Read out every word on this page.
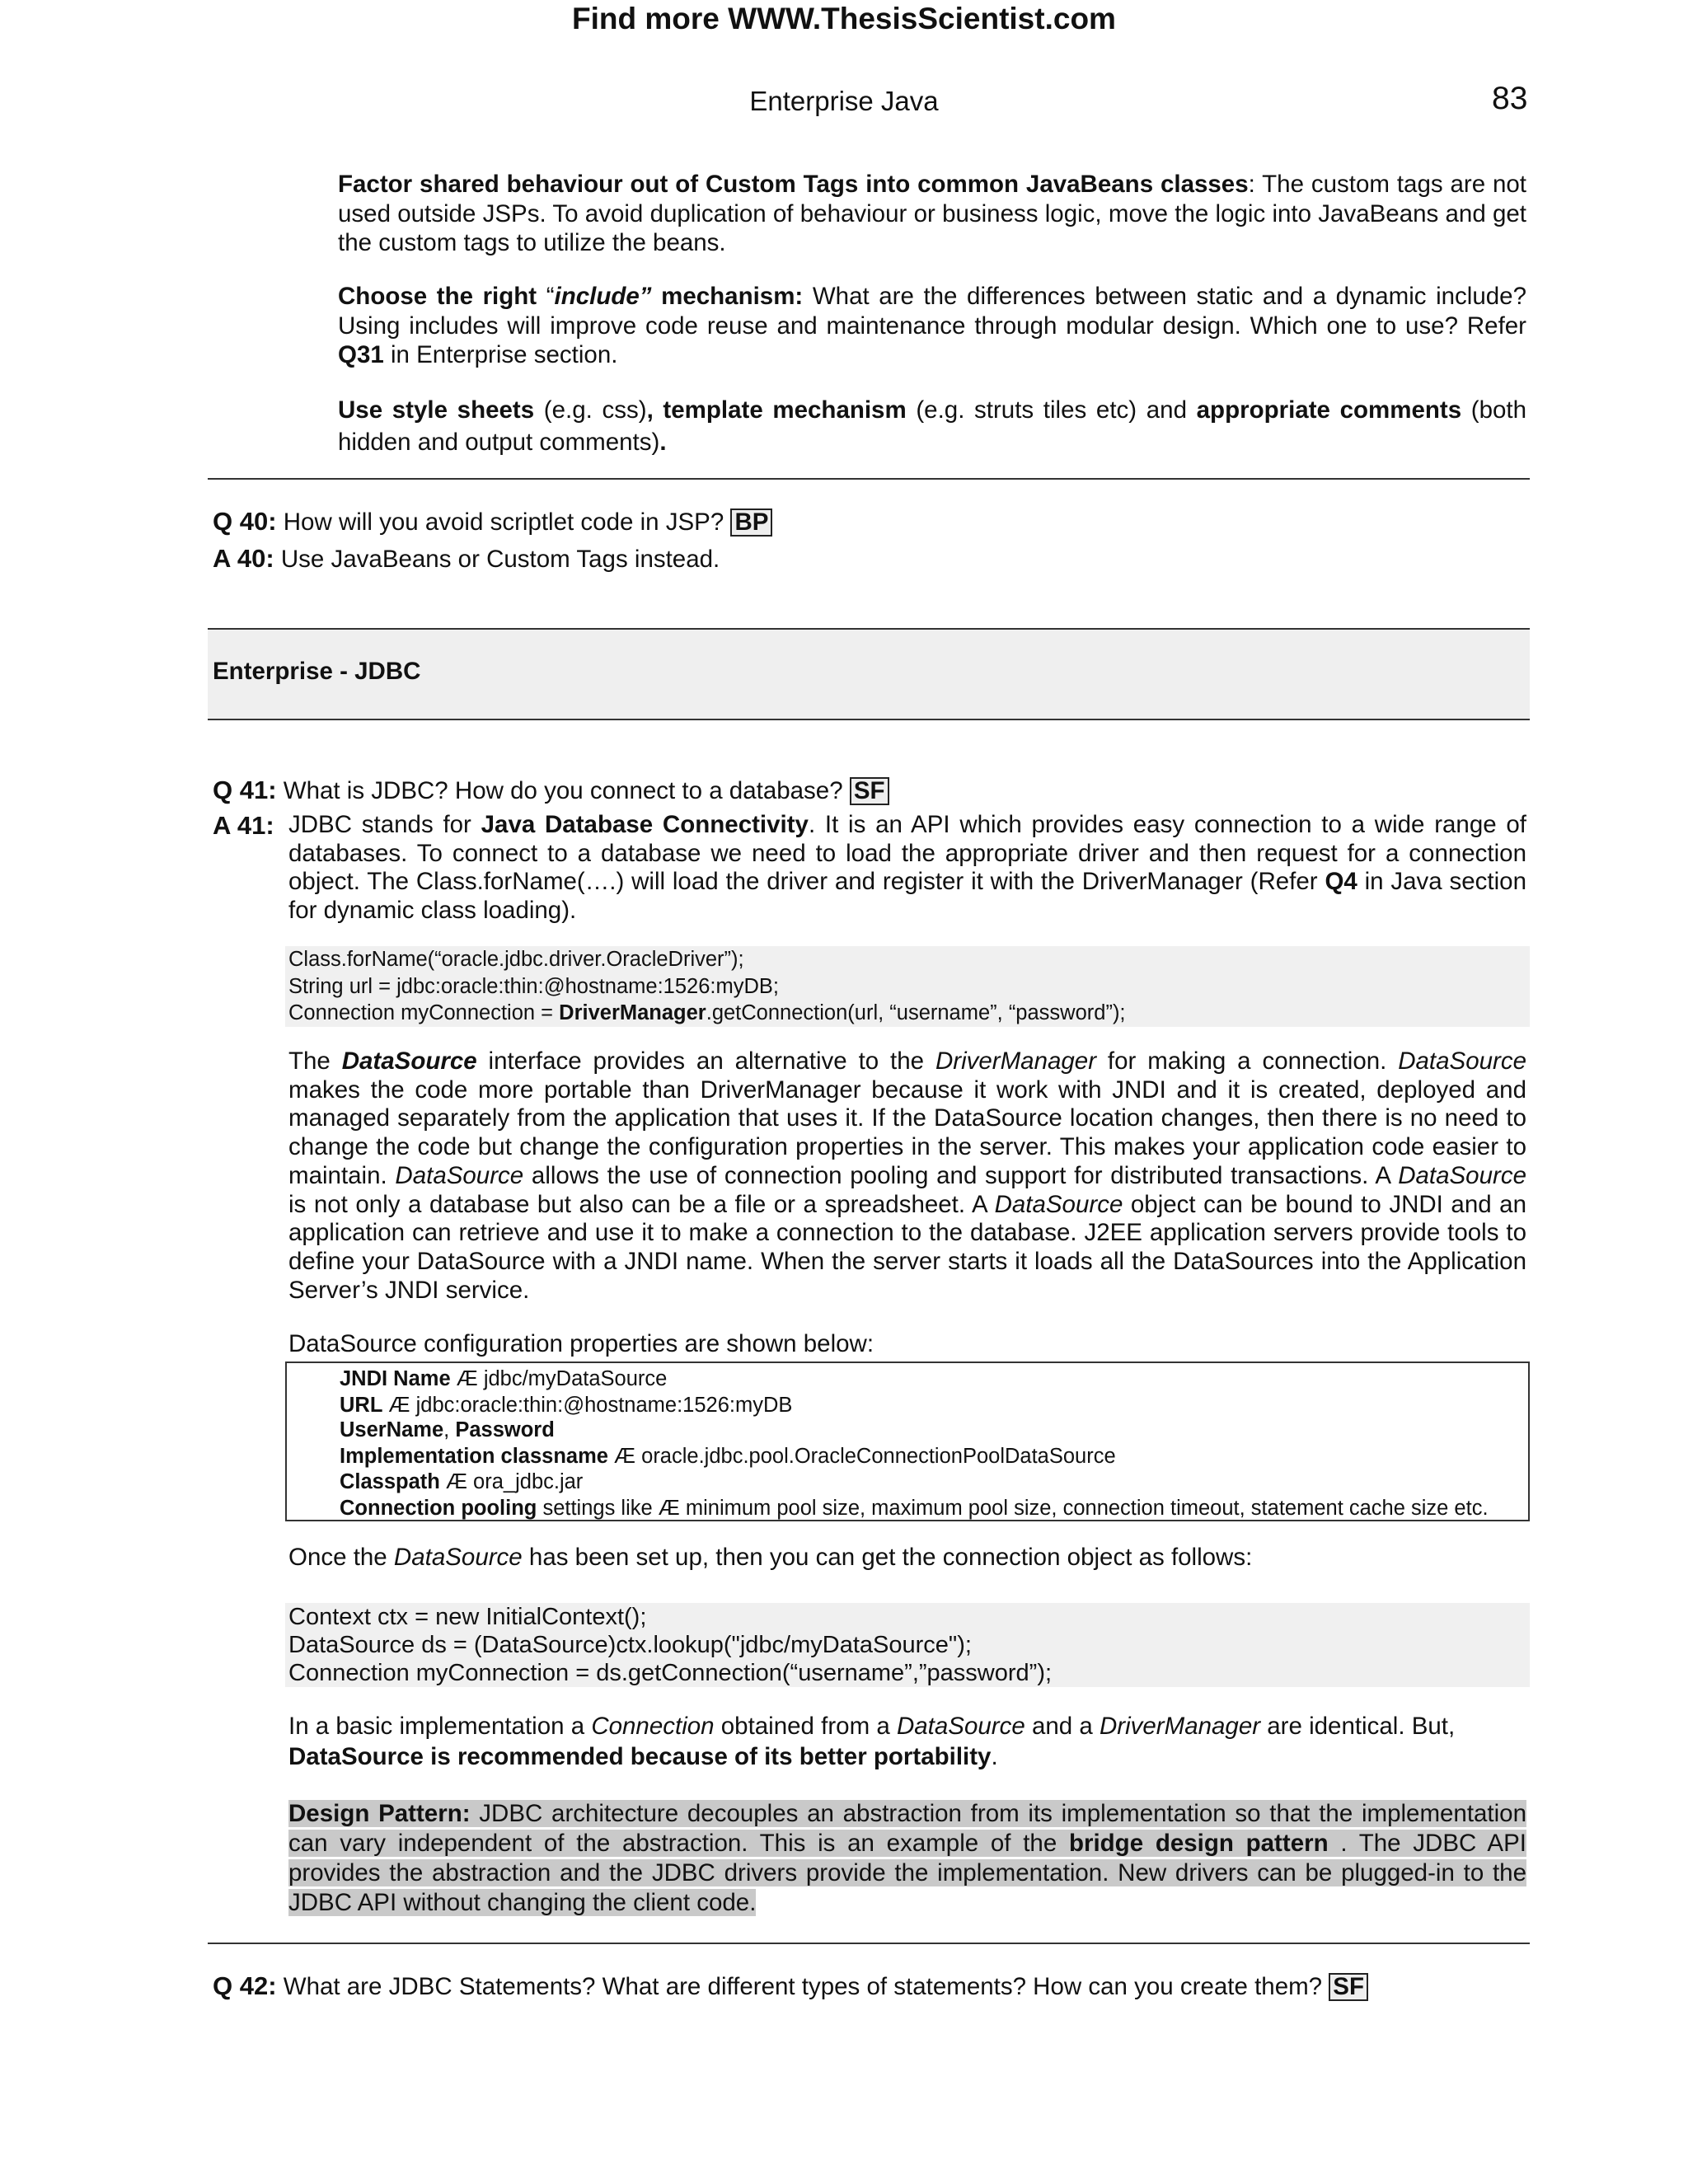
Find more WWW.ThesisScientist.com
Enterprise Java	83
Factor shared behaviour out of Custom Tags into common JavaBeans classes: The custom tags are not used outside JSPs. To avoid duplication of behaviour or business logic, move the logic into JavaBeans and get the custom tags to utilize the beans.
Choose the right “include” mechanism: What are the differences between static and a dynamic include? Using includes will improve code reuse and maintenance through modular design. Which one to use? Refer Q31 in Enterprise section.
Use style sheets (e.g. css), template mechanism (e.g. struts tiles etc) and appropriate comments (both hidden and output comments).
Q 40: How will you avoid scriptlet code in JSP? BP
A 40: Use JavaBeans or Custom Tags instead.
Enterprise - JDBC
Q 41: What is JDBC? How do you connect to a database? SF
A 41: JDBC stands for Java Database Connectivity. It is an API which provides easy connection to a wide range of databases. To connect to a database we need to load the appropriate driver and then request for a connection object. The Class.forName(….) will load the driver and register it with the DriverManager (Refer Q4 in Java section for dynamic class loading).
Class.forName(“oracle.jdbc.driver.OracleDriver”);
String url = jdbc:oracle:thin:@hostname:1526:myDB;
Connection myConnection = DriverManager.getConnection(url, “username”, “password”);
The DataSource interface provides an alternative to the DriverManager for making a connection. DataSource makes the code more portable than DriverManager because it work with JNDI and it is created, deployed and managed separately from the application that uses it. If the DataSource location changes, then there is no need to change the code but change the configuration properties in the server. This makes your application code easier to maintain. DataSource allows the use of connection pooling and support for distributed transactions. A DataSource is not only a database but also can be a file or a spreadsheet. A DataSource object can be bound to JNDI and an application can retrieve and use it to make a connection to the database. J2EE application servers provide tools to define your DataSource with a JNDI name. When the server starts it loads all the DataSources into the Application Server’s JNDI service.
DataSource configuration properties are shown below:
JNDI Name Æ jdbc/myDataSource
URL Æ jdbc:oracle:thin:@hostname:1526:myDB
UserName, Password
Implementation classname Æ oracle.jdbc.pool.OracleConnectionPoolDataSource
Classpath Æ ora_jdbc.jar
Connection pooling settings like Æ minimum pool size, maximum pool size, connection timeout, statement cache size etc.
Once the DataSource has been set up, then you can get the connection object as follows:
Context ctx = new InitialContext();
DataSource ds = (DataSource)ctx.lookup("jdbc/myDataSource");
Connection myConnection = ds.getConnection(“username”,”password”);
In a basic implementation a Connection obtained from a DataSource and a DriverManager are identical. But,
DataSource is recommended because of its better portability.
Design Pattern: JDBC architecture decouples an abstraction from its implementation so that the implementation can vary independent of the abstraction. This is an example of the bridge design pattern . The JDBC API provides the abstraction and the JDBC drivers provide the implementation. New drivers can be plugged-in to the JDBC API without changing the client code.
Q 42: What are JDBC Statements? What are different types of statements? How can you create them? SF
